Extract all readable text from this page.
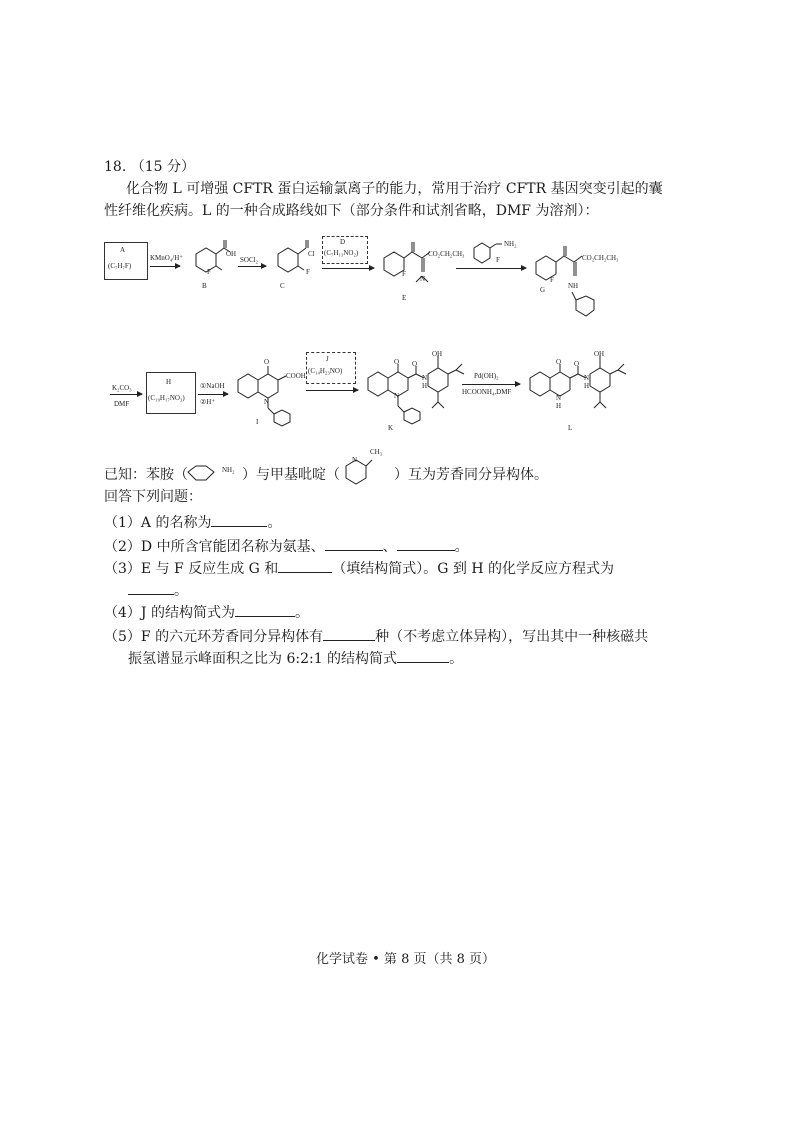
18. （15 分）
化合物 L 可增强 CFTR 蛋白运输氯离子的能力，常用于治疗 CFTR 基因突变引起的囊
性纤维化疾病。L 的一种合成路线如下（部分条件和试剂省略，DMF 为溶剂）：
A
(C₇H₇F)
KMnO₄/H⁺	OH
F
B
SOCl₂
Cl
F
C
D
(C₇H₁₃NO₂)	CO₂CH₂CH₃
F
N
E
NH₂
F	CO₂CH₂CH₃
F
NH
G
K₂CO₃
DMF
H
(C₁₉H₁₇NO₃)
①NaOH
②H⁺
O
COOH
N
I
J
(C₁₄H₂₃NO)
O O
N
N
H
OH
K
Pd(OH)₂
HCOONH₄,DMF
O O
N
H
OH
N
H
L
已知：苯胺（	NH₂ ）与甲基吡啶（
N
CH₃
）互为芳香同分异构体。
回答下列问题：
（1）A 的名称为	。
（2）D 中所含官能团名称为氨基、	、	。
（3）E 与 F 反应生成 G 和	（填结构简式）。G 到 H 的化学反应方程式为
。
（4）J 的结构简式为	。
（5）F 的六元环芳香同分异构体有	种（不考虑立体异构），写出其中一种核磁共
振氢谱显示峰面积之比为 6:2:1 的结构简式	。
化学试卷 • 第 8 页（共 8 页）
